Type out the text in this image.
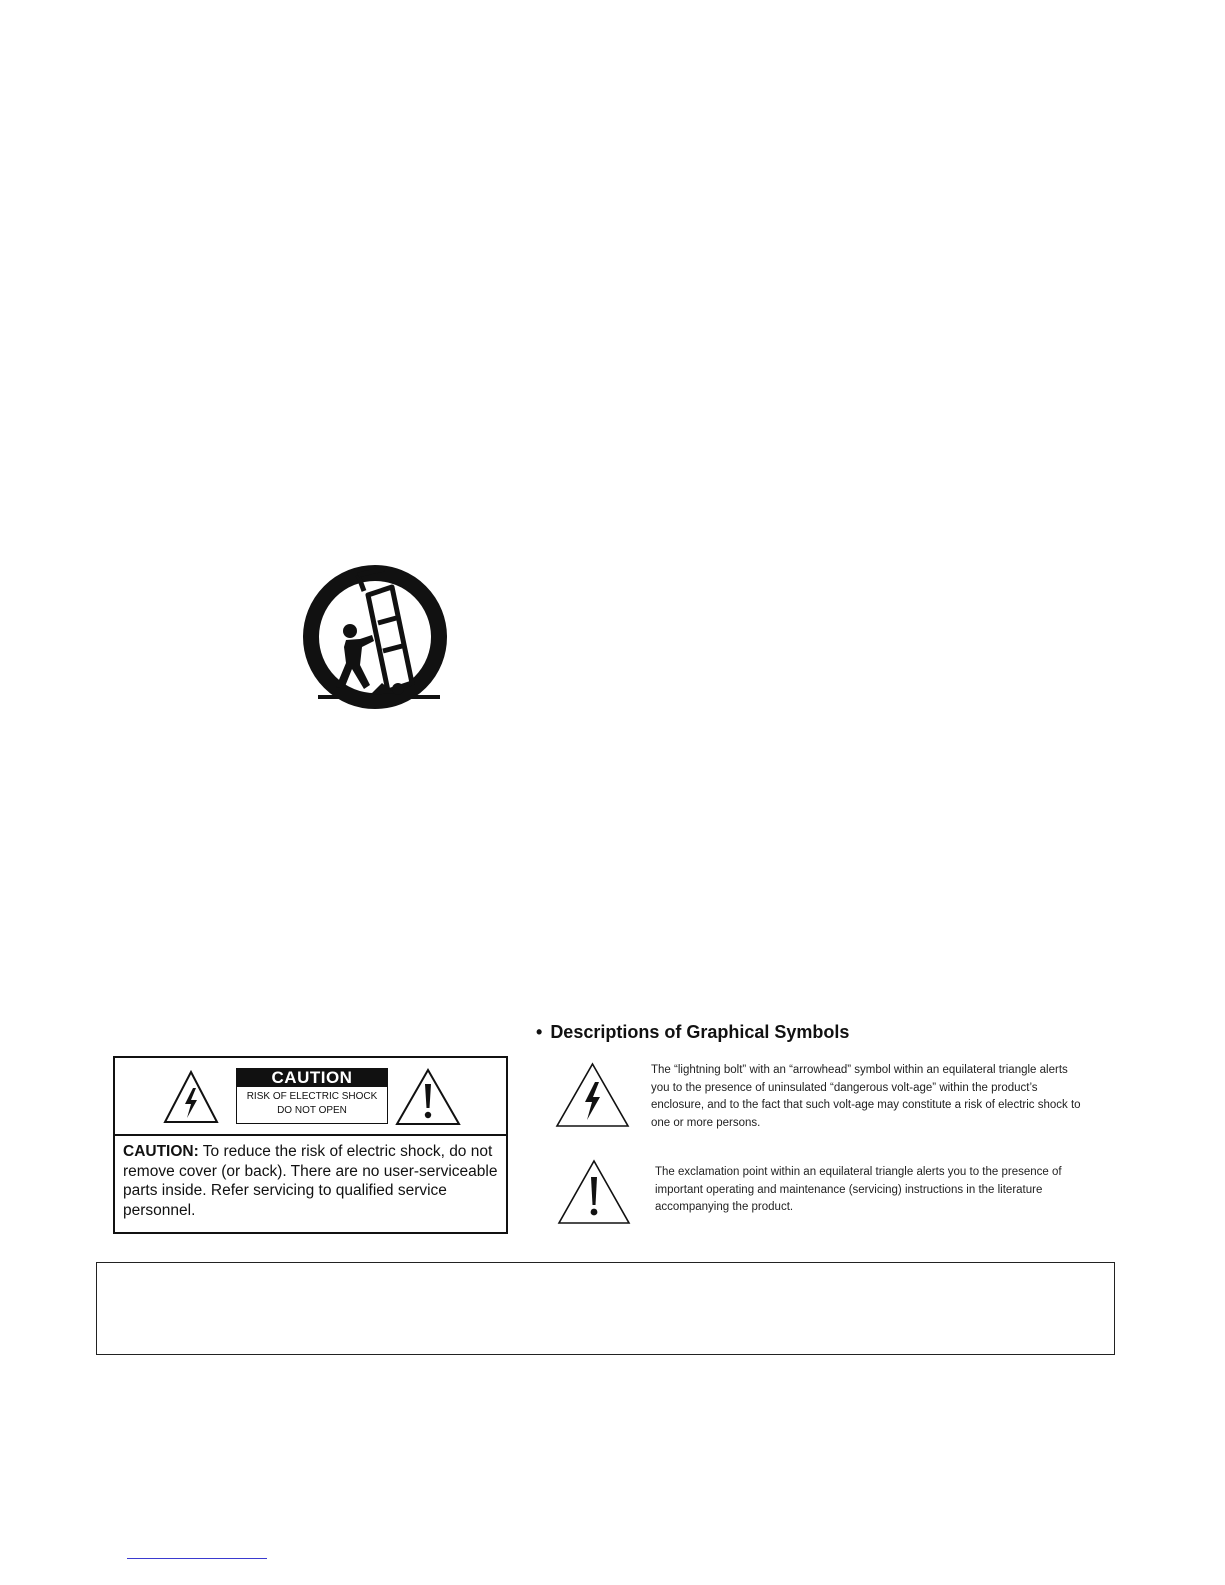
CAUTION
RISK OF ELECTRIC SHOCK
DO NOT OPEN
CAUTION: To reduce the risk of electric shock, do not remove cover (or back). There are no user-serviceable parts inside. Refer servicing to qualified service personnel.
• Descriptions of Graphical Symbols
The “lightning bolt” with an “arrowhead” symbol within an equilateral triangle alerts you to the presence of uninsulated “dangerous volt-age” within the product’s enclosure, and to the fact that such volt-age may constitute a risk of electric shock to one or more persons.
The exclamation point within an equilateral triangle alerts you to the presence of important operating and maintenance (servicing) instructions in the literature accompanying the product.
